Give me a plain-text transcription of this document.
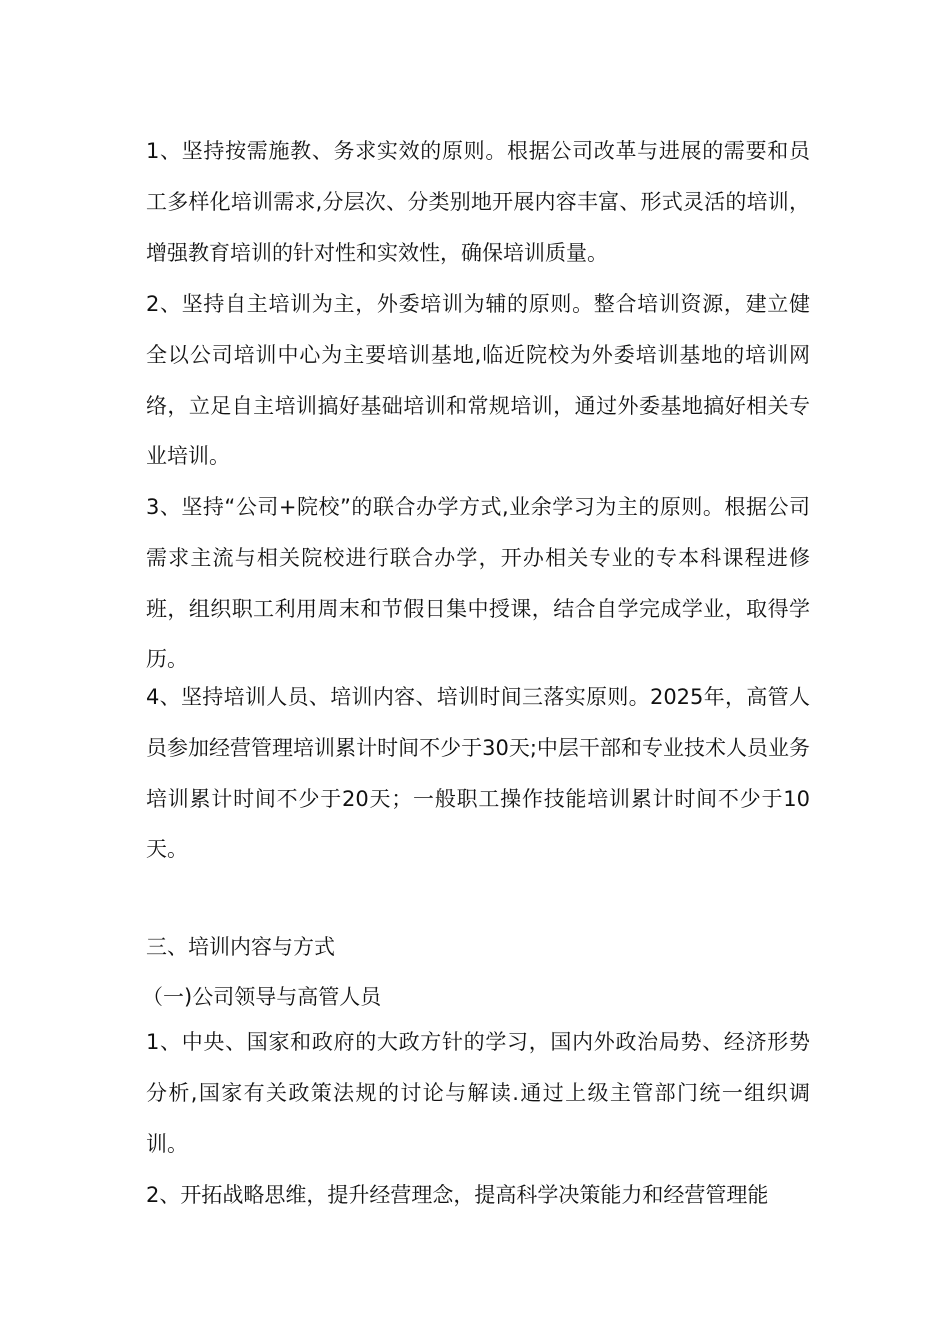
1、坚持按需施教、务求实效的原则。根据公司改革与进展的需要和员工多样化培训需求,分层次、分类别地开展内容丰富、形式灵活的培训，增强教育培训的针对性和实效性，确保培训质量。

2、坚持自主培训为主，外委培训为辅的原则。整合培训资源，建立健全以公司培训中心为主要培训基地,临近院校为外委培训基地的培训网络，立足自主培训搞好基础培训和常规培训，通过外委基地搞好相关专业培训。

3、坚持“公司+院校”的联合办学方式,业余学习为主的原则。根据公司需求主流与相关院校进行联合办学，开办相关专业的专本科课程进修班，组织职工利用周末和节假日集中授课，结合自学完成学业，取得学历。

4、坚持培训人员、培训内容、培训时间三落实原则。2025年，高管人员参加经营管理培训累计时间不少于30天;中层干部和专业技术人员业务培训累计时间不少于20天；一般职工操作技能培训累计时间不少于10天。

三、培训内容与方式

（一)公司领导与高管人员

1、中央、国家和政府的大政方针的学习，国内外政治局势、经济形势分析,国家有关政策法规的讨论与解读.通过上级主管部门统一组织调训。

2、开拓战略思维，提升经营理念，提高科学决策能力和经营管理能
